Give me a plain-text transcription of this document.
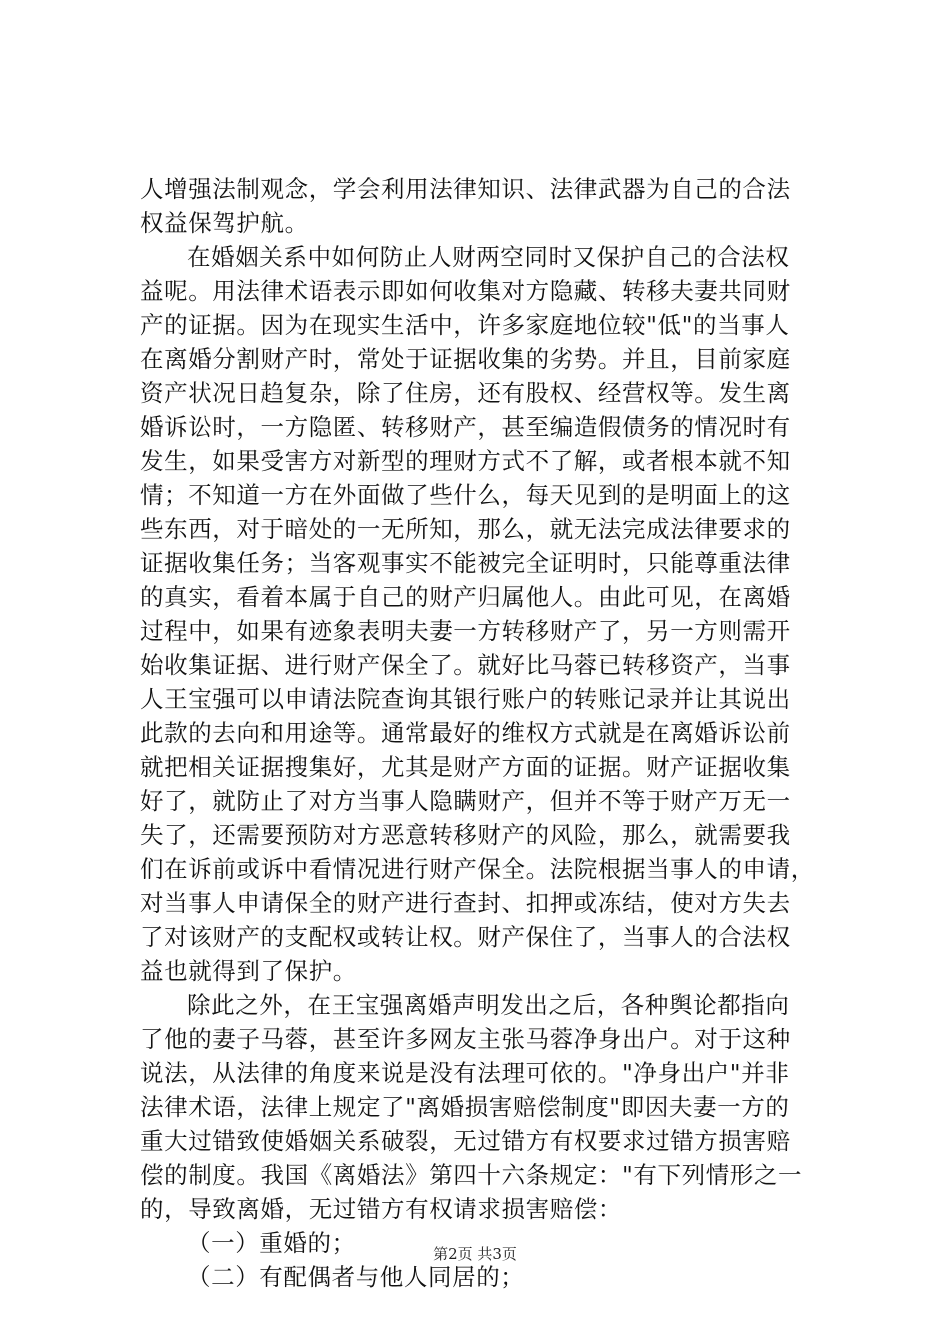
人增强法制观念，学会利用法律知识、法律武器为自己的合法
权益保驾护航。
在婚姻关系中如何防止人财两空同时又保护自己的合法权
益呢。用法律术语表示即如何收集对方隐藏、转移夫妻共同财
产的证据。因为在现实生活中，许多家庭地位较"低"的当事人
在离婚分割财产时，常处于证据收集的劣势。并且，目前家庭
资产状况日趋复杂，除了住房，还有股权、经营权等。发生离
婚诉讼时，一方隐匿、转移财产，甚至编造假债务的情况时有
发生，如果受害方对新型的理财方式不了解，或者根本就不知
情；不知道一方在外面做了些什么，每天见到的是明面上的这
些东西，对于暗处的一无所知，那么，就无法完成法律要求的
证据收集任务；当客观事实不能被完全证明时，只能尊重法律
的真实，看着本属于自己的财产归属他人。由此可见，在离婚
过程中，如果有迹象表明夫妻一方转移财产了，另一方则需开
始收集证据、进行财产保全了。就好比马蓉已转移资产，当事
人王宝强可以申请法院查询其银行账户的转账记录并让其说出
此款的去向和用途等。通常最好的维权方式就是在离婚诉讼前
就把相关证据搜集好，尤其是财产方面的证据。财产证据收集
好了，就防止了对方当事人隐瞒财产，但并不等于财产万无一
失了，还需要预防对方恶意转移财产的风险，那么，就需要我
们在诉前或诉中看情况进行财产保全。法院根据当事人的申请，
对当事人申请保全的财产进行查封、扣押或冻结，使对方失去
了对该财产的支配权或转让权。财产保住了，当事人的合法权
益也就得到了保护。
除此之外，在王宝强离婚声明发出之后，各种舆论都指向
了他的妻子马蓉，甚至许多网友主张马蓉净身出户。对于这种
说法，从法律的角度来说是没有法理可依的。"净身出户"并非
法律术语，法律上规定了"离婚损害赔偿制度"即因夫妻一方的
重大过错致使婚姻关系破裂，无过错方有权要求过错方损害赔
偿的制度。我国《离婚法》第四十六条规定："有下列情形之一
的，导致离婚，无过错方有权请求损害赔偿：
（一）重婚的；
（二）有配偶者与他人同居的；
第2页 共3页
